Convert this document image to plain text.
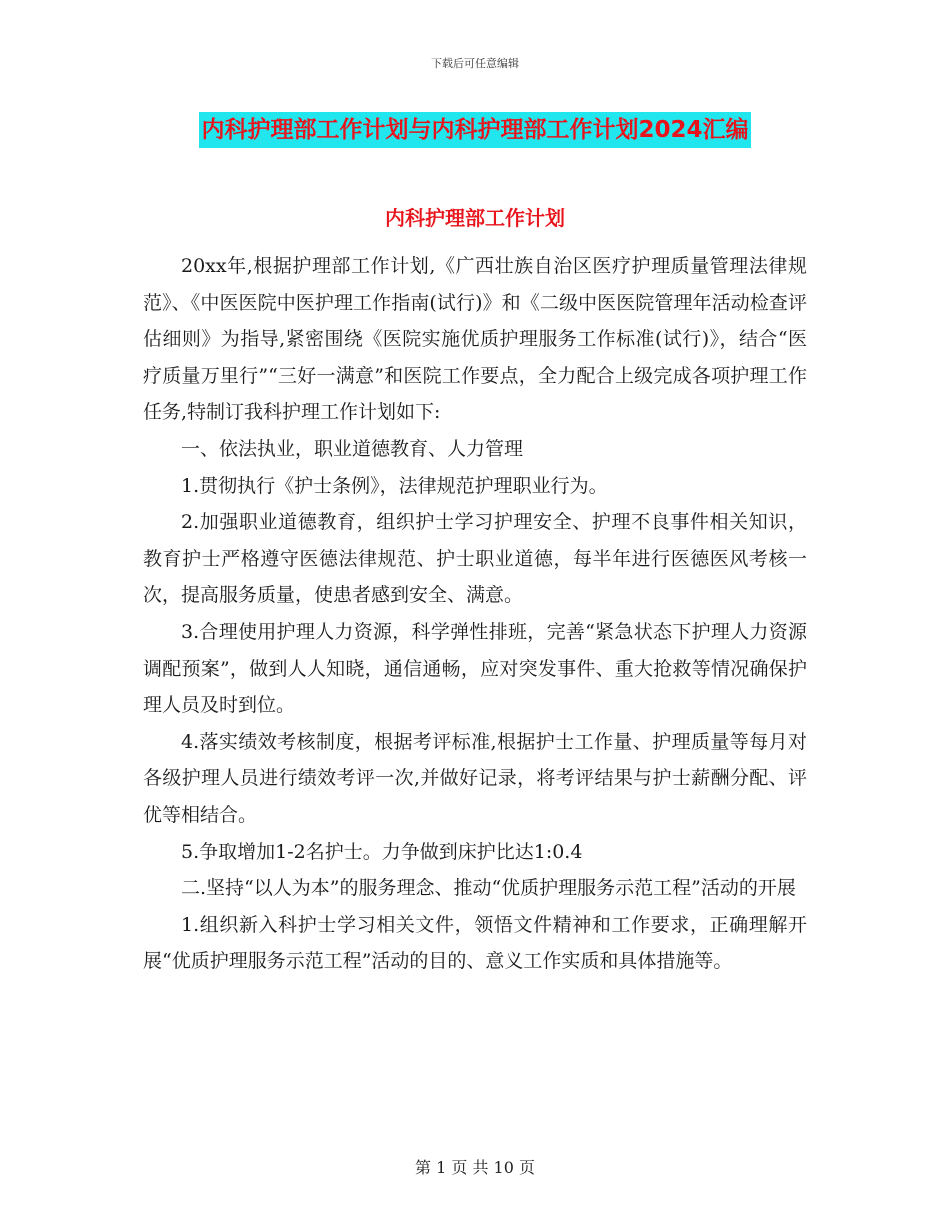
下载后可任意编辑
内科护理部工作计划与内科护理部工作计划2024汇编
内科护理部工作计划

20xx年,根据护理部工作计划,《广西壮族自治区医疗护理质量管理法律规范》、《中医医院中医护理工作指南(试行)》和《二级中医医院管理年活动检查评估细则》为指导,紧密围绕《医院实施优质护理服务工作标准(试行)》，结合“医疗质量万里行”“三好一满意”和医院工作要点，全力配合上级完成各项护理工作任务,特制订我科护理工作计划如下:

一、依法执业，职业道德教育、人力管理

1.贯彻执行《护士条例》，法律规范护理职业行为。

2.加强职业道德教育，组织护士学习护理安全、护理不良事件相关知识，教育护士严格遵守医德法律规范、护士职业道德，每半年进行医德医风考核一次，提高服务质量，使患者感到安全、满意。

3.合理使用护理人力资源，科学弹性排班，完善“紧急状态下护理人力资源调配预案”，做到人人知晓，通信通畅，应对突发事件、重大抢救等情况确保护理人员及时到位。

4.落实绩效考核制度，根据考评标准,根据护士工作量、护理质量等每月对各级护理人员进行绩效考评一次,并做好记录，将考评结果与护士薪酬分配、评优等相结合。

5.争取增加1-2名护士。力争做到床护比达1:0.4

二.坚持“以人为本”的服务理念、推动“优质护理服务示范工程”活动的开展

1.组织新入科护士学习相关文件，领悟文件精神和工作要求，正确理解开展“优质护理服务示范工程”活动的目的、意义工作实质和具体措施等。

第 1 页 共 10 页
